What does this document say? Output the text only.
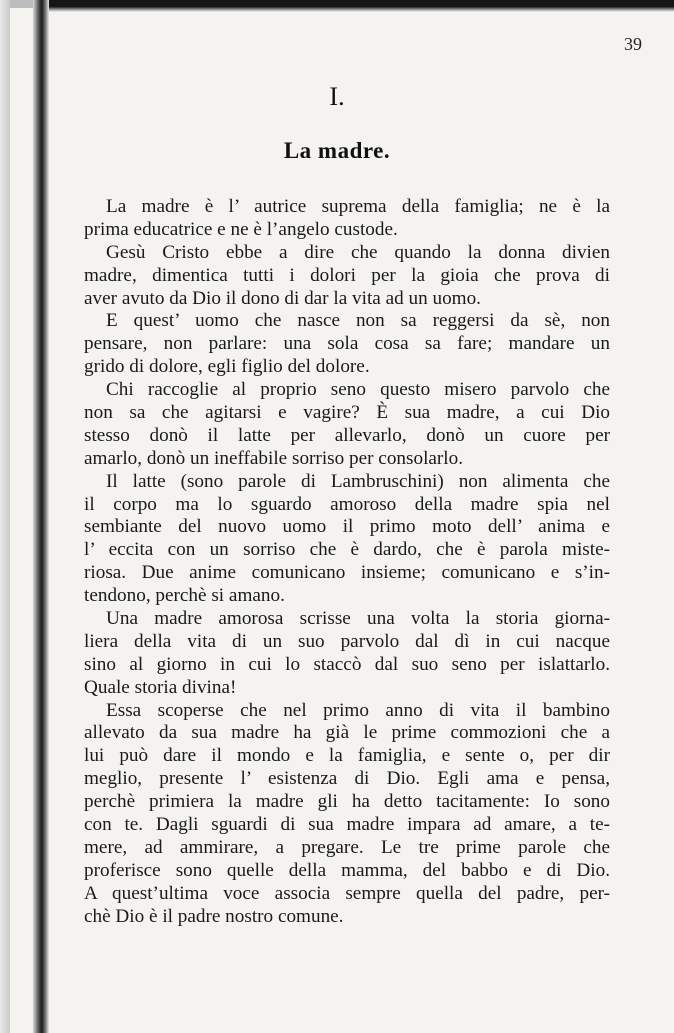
39
I.
La madre.
La madre è l’ autrice suprema della famiglia; ne è la
prima educatrice e ne è l’angelo custode.
Gesù Cristo ebbe a dire che quando la donna divien
madre, dimentica tutti i dolori per la gioia che prova di
aver avuto da Dio il dono di dar la vita ad un uomo.
E quest’ uomo che nasce non sa reggersi da sè, non
pensare, non parlare: una sola cosa sa fare; mandare un
grido di dolore, egli figlio del dolore.
Chi raccoglie al proprio seno questo misero parvolo che
non sa che agitarsi e vagire? È sua madre, a cui Dio
stesso donò il latte per allevarlo, donò un cuore per
amarlo, donò un ineffabile sorriso per consolarlo.
Il latte (sono parole di Lambruschini) non alimenta che
il corpo ma lo sguardo amoroso della madre spia nel
sembiante del nuovo uomo il primo moto dell’ anima e
l’ eccita con un sorriso che è dardo, che è parola miste-
riosa. Due anime comunicano insieme; comunicano e s’in-
tendono, perchè si amano.
Una madre amorosa scrisse una volta la storia giorna-
liera della vita di un suo parvolo dal dì in cui nacque
sino al giorno in cui lo staccò dal suo seno per islattarlo.
Quale storia divina!
Essa scoperse che nel primo anno di vita il bambino
allevato da sua madre ha già le prime commozioni che a
lui può dare il mondo e la famiglia, e sente o, per dir
meglio, presente l’ esistenza di Dio. Egli ama e pensa,
perchè primiera la madre gli ha detto tacitamente: Io sono
con te. Dagli sguardi di sua madre impara ad amare, a te-
mere, ad ammirare, a pregare. Le tre prime parole che
proferisce sono quelle della mamma, del babbo e di Dio.
A quest’ultima voce associa sempre quella del padre, per-
chè Dio è il padre nostro comune.
